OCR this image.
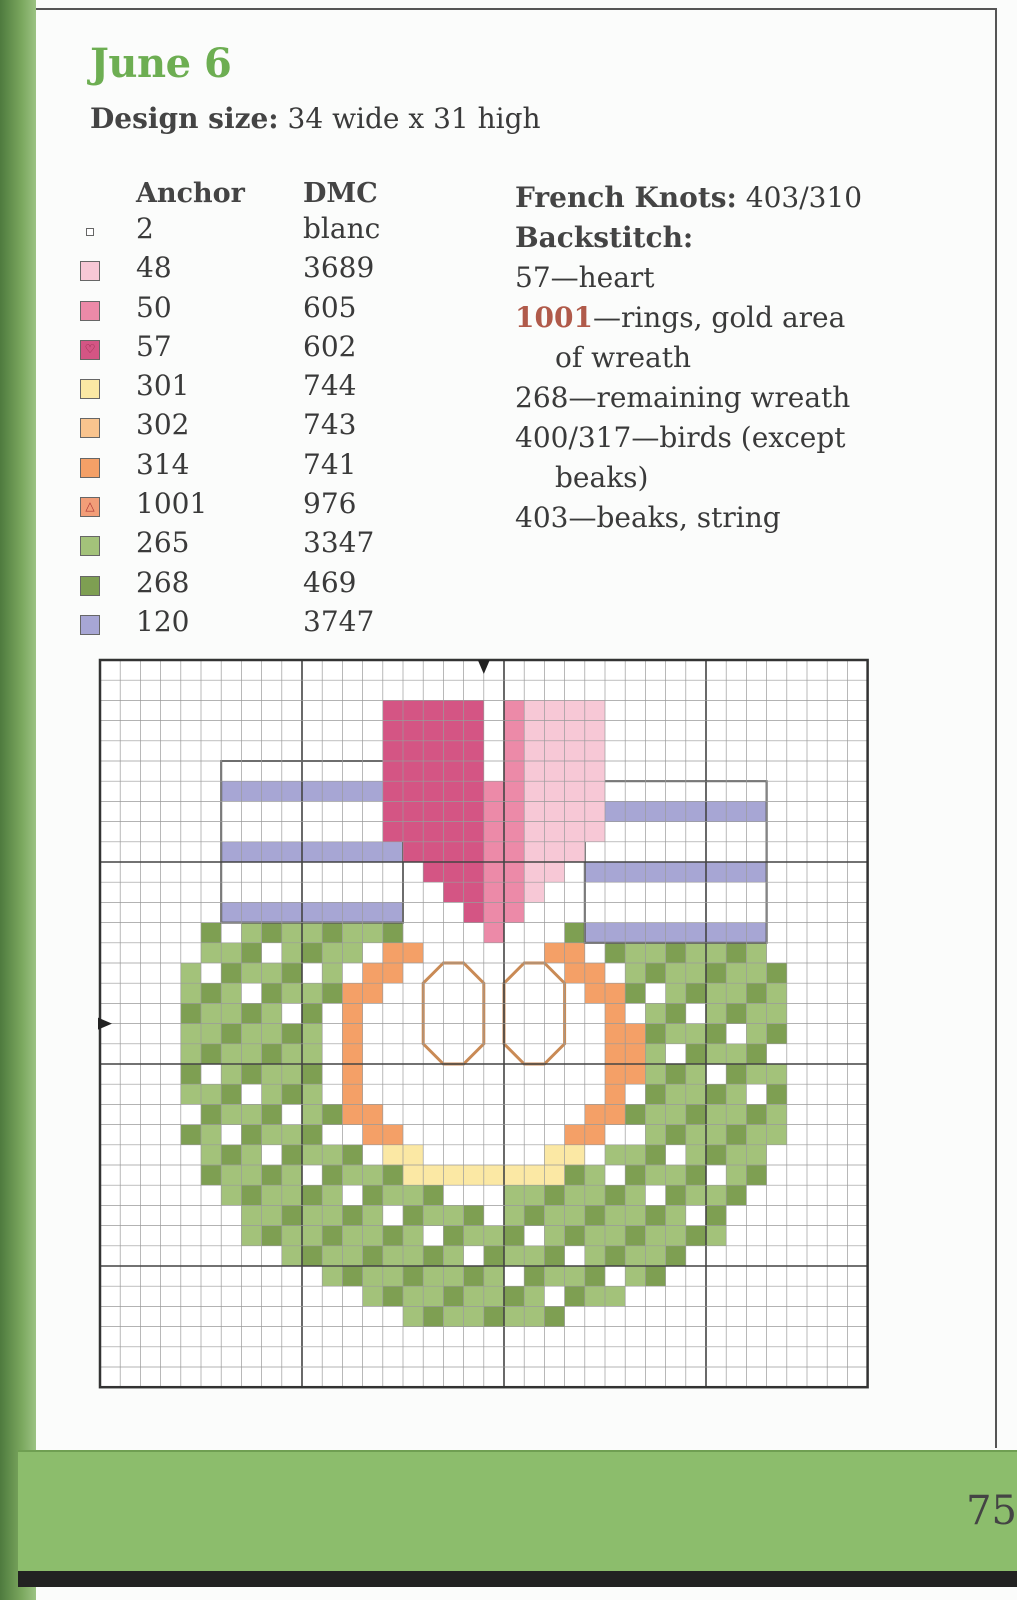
June 6
Design size: 34 wide x 31 high
Anchor DMC
2	blanc
48	3689
50	605
♡ 57	602
301	744
302	743
314	741
△ 1001	976
265	3347
268	469
120	3747
French Knots: 403/310
Backstitch:
57—heart
1001—rings, gold area
of wreath
268—remaining wreath
400/317—birds (except
beaks)
403—beaks, string
75
